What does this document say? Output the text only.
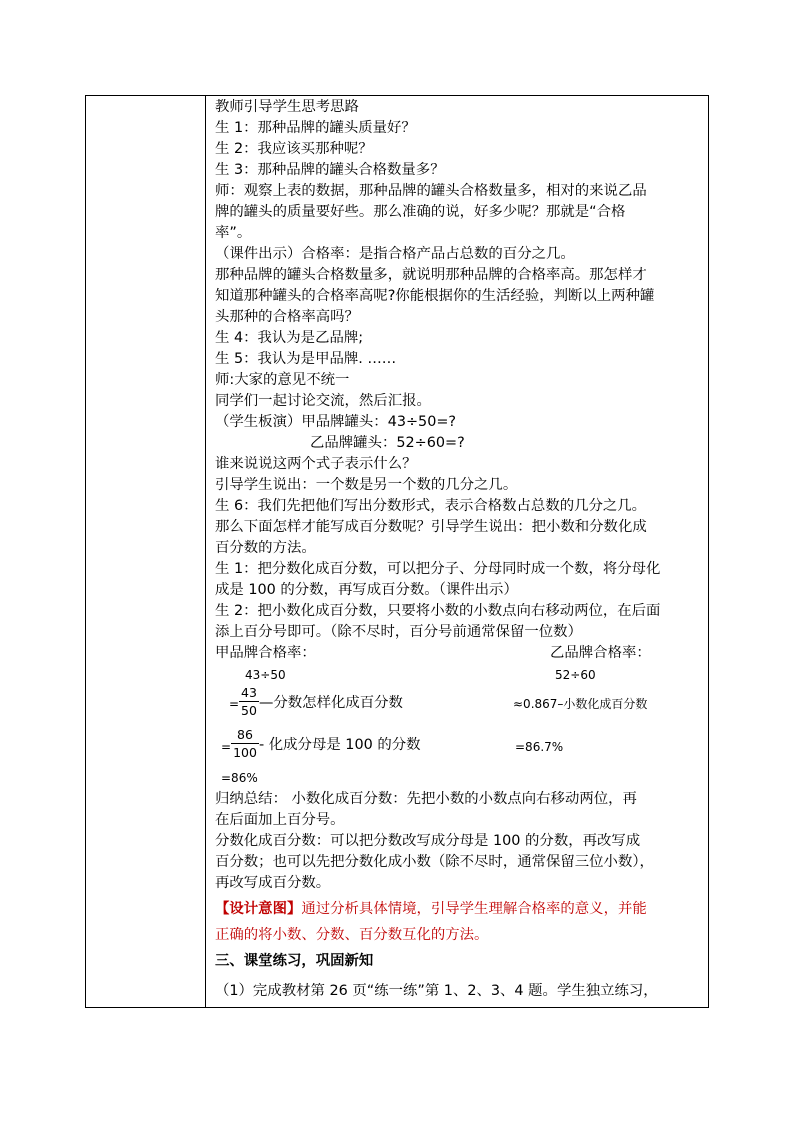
教师引导学生思考思路
生 1：那种品牌的罐头质量好？
生 2：我应该买那种呢？
生 3：那种品牌的罐头合格数量多？
师：观察上表的数据，那种品牌的罐头合格数量多，相对的来说乙品
牌的罐头的质量要好些。那么准确的说，好多少呢？那就是“合格
率”。
（课件出示）合格率：是指合格产品占总数的百分之几。
那种品牌的罐头合格数量多，就说明那种品牌的合格率高。那怎样才
知道那种罐头的合格率高呢?你能根据你的生活经验，判断以上两种罐
头那种的合格率高吗？
生 4：我认为是乙品牌;
生 5：我认为是甲品牌. ……
师:大家的意见不统一
同学们一起讨论交流，然后汇报。
（学生板演）甲品牌罐头：43÷50=?
乙品牌罐头：52÷60=?
谁来说说这两个式子表示什么？
引导学生说出：一个数是另一个数的几分之几。
生 6：我们先把他们写出分数形式，表示合格数占总数的几分之几。
那么下面怎样才能写成百分数呢？引导学生说出：把小数和分数化成
百分数的方法。
生 1：把分数化成百分数，可以把分子、分母同时成一个数，将分母化
成是 100 的分数，再写成百分数。（课件出示）
生 2：把小数化成百分数，只要将小数的小数点向右移动两位，在后面
添上百分号即可。（除不尽时，百分号前通常保留一位数）
甲品牌合格率：	乙品牌合格率：
43÷50	52÷60
=
43
50 —分数怎样化成百分数	≈0.867–小数化成百分数
=
86
100 - 化成分母是 100 的分数	=86.7%
=86%
归纳总结： 小数化成百分数：先把小数的小数点向右移动两位，再
在后面加上百分号。
分数化成百分数：可以把分数改写成分母是 100 的分数，再改写成
百分数；也可以先把分数化成小数（除不尽时，通常保留三位小数），
再改写成百分数。
【设计意图】通过分析具体情境，引导学生理解合格率的意义，并能
正确的将小数、分数、百分数互化的方法。
三、课堂练习，巩固新知
（1）完成教材第 26 页“练一练”第 1、2、3、4 题。学生独立练习，
